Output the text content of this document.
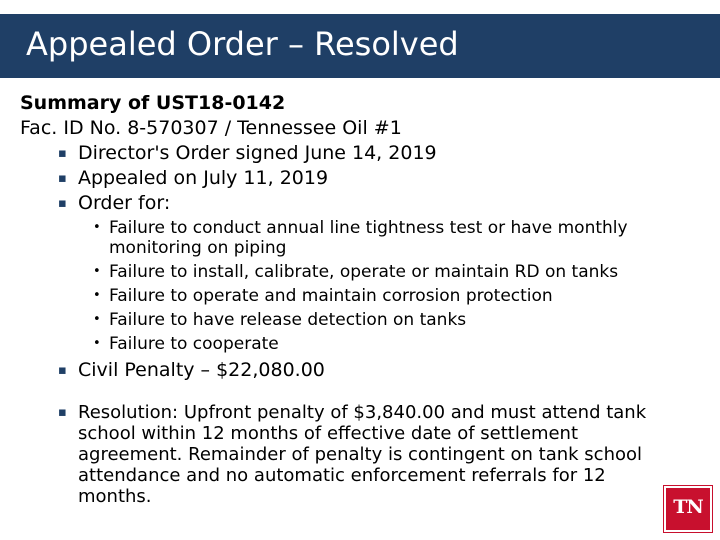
Appealed Order – Resolved
Summary of UST18-0142
Fac. ID No. 8-570307 / Tennessee Oil #1
▪ Director's Order signed June 14, 2019
▪ Appealed on July 11, 2019
▪ Order for:
• Failure to conduct annual line tightness test or have monthly monitoring on piping
• Failure to install, calibrate, operate or maintain RD on tanks
• Failure to operate and maintain corrosion protection
• Failure to have release detection on tanks
• Failure to cooperate
▪ Civil Penalty – $22,080.00
▪ Resolution: Upfront penalty of $3,840.00 and must attend tank school within 12 months of effective date of settlement agreement. Remainder of penalty is contingent on tank school attendance and no automatic enforcement referrals for 12 months.	TN
